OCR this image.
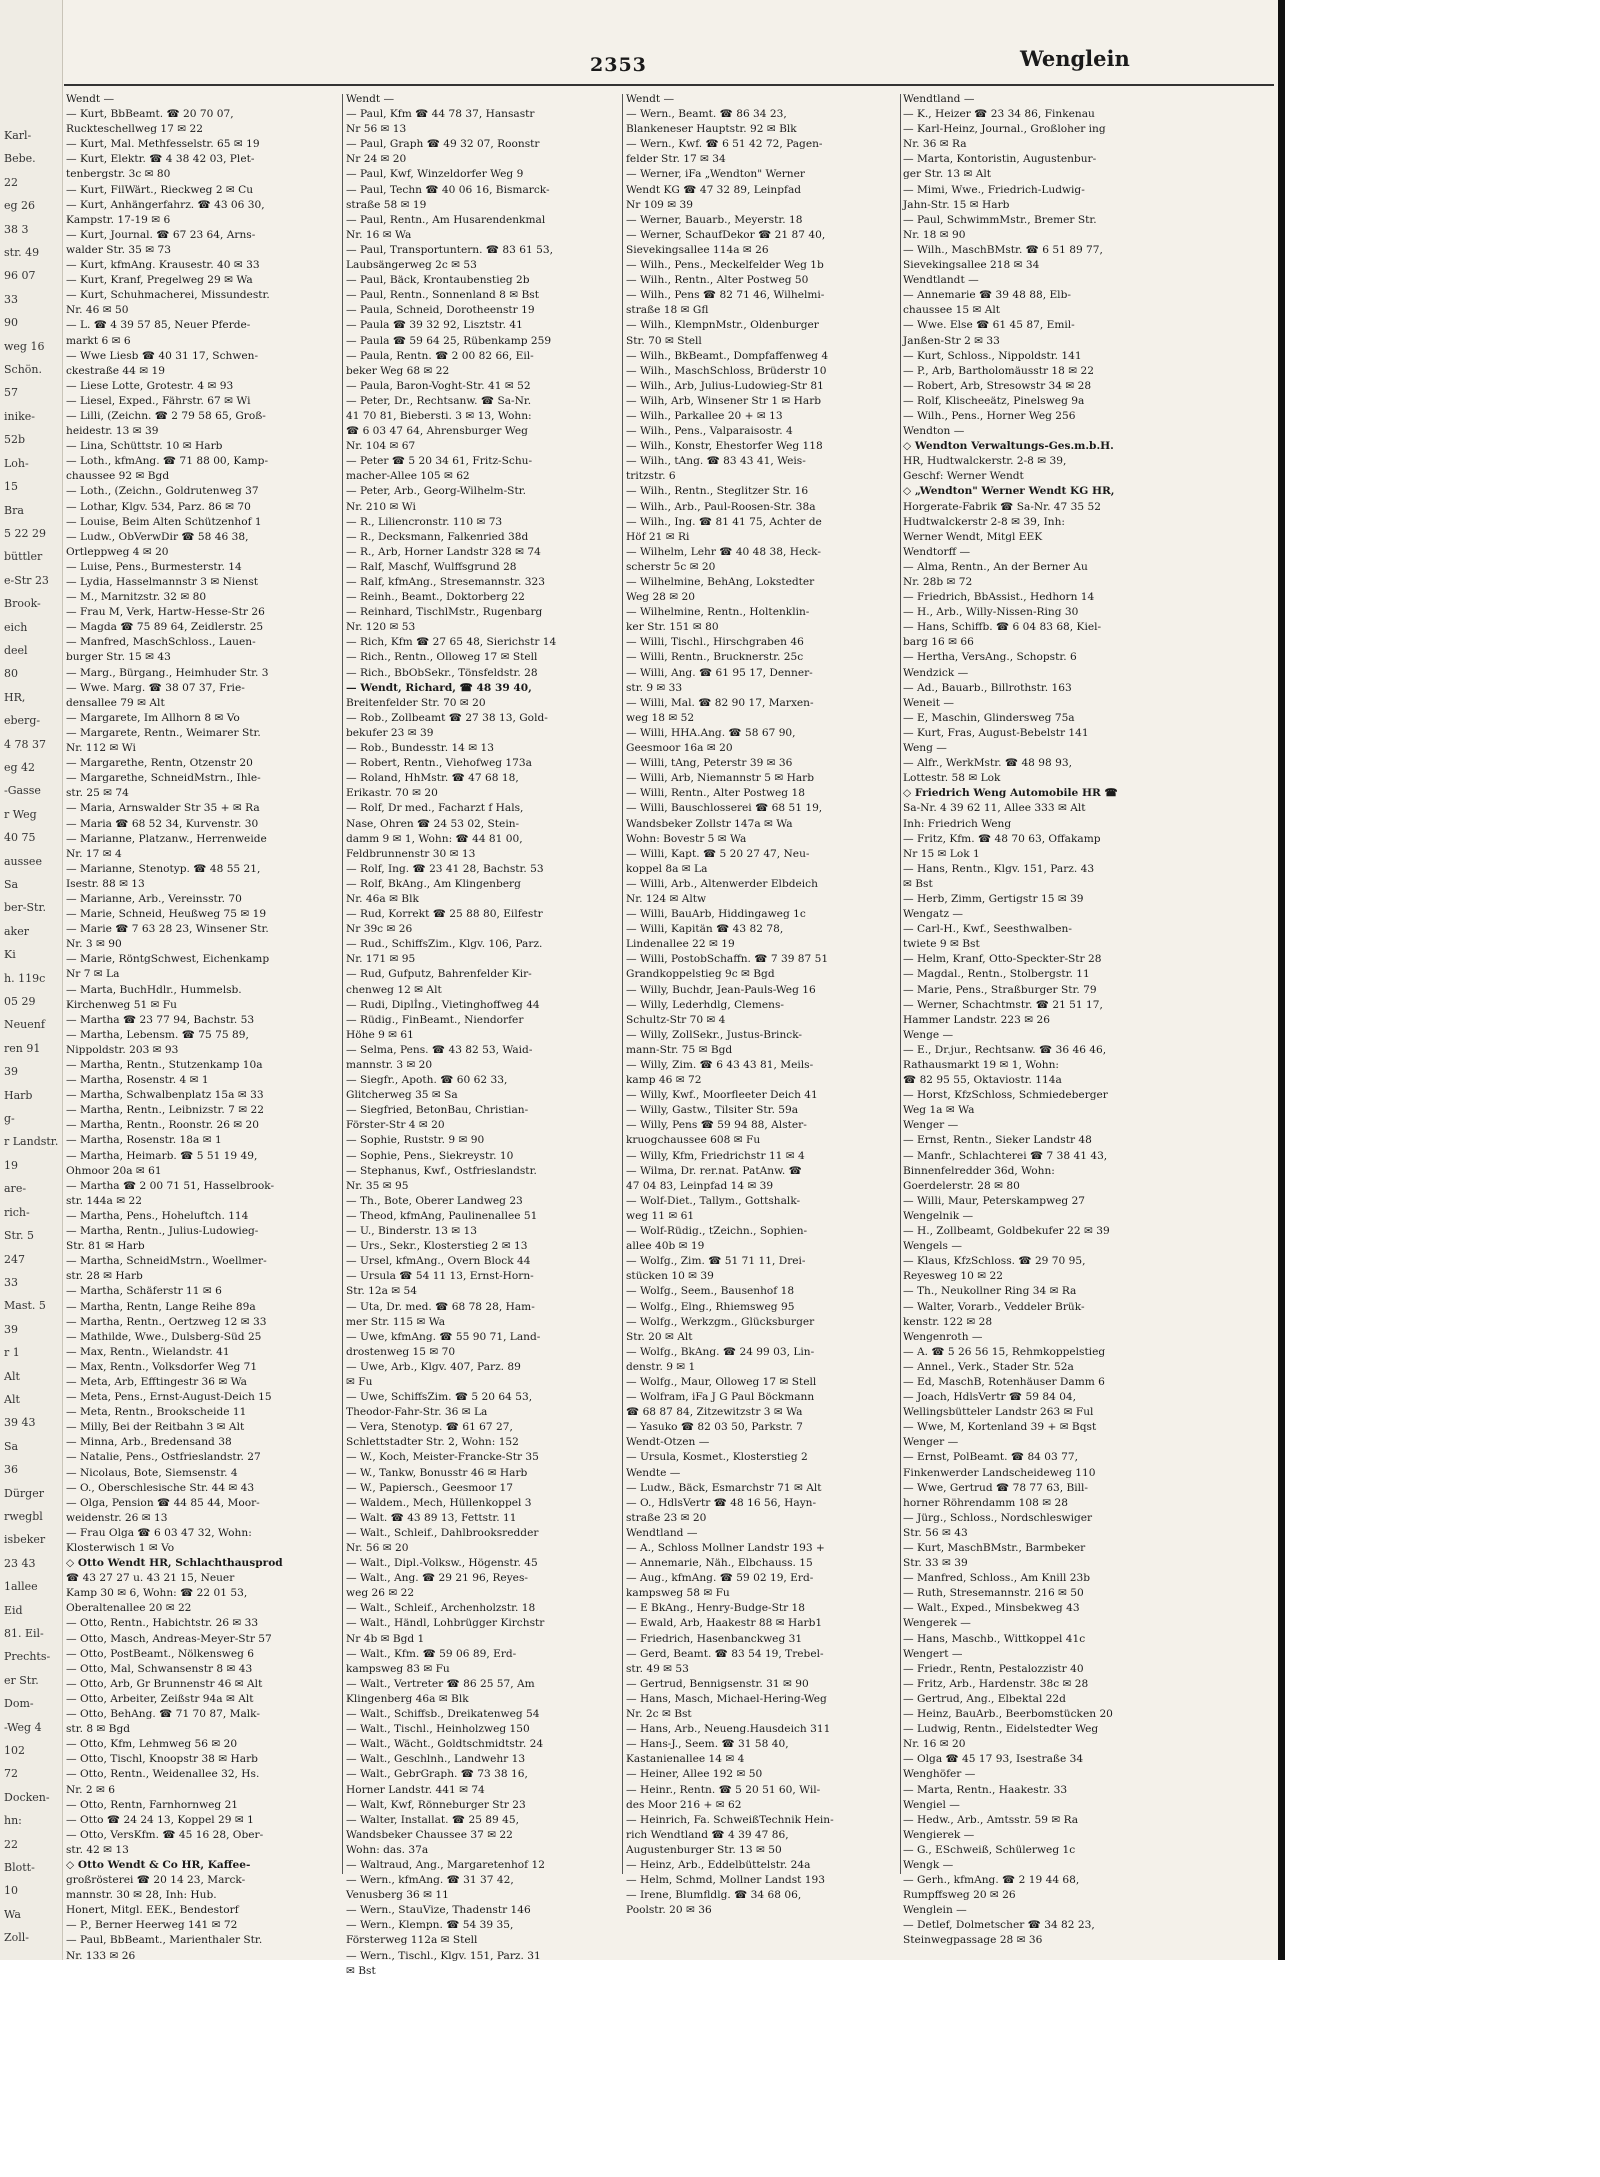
Karl-
Bebe.
22
eg 26
38 3
str. 49
96 07
33
90
weg 16
Schön.
57
inike-
52b
Loh-
15
Bra
5 22 29
büttler
e-Str 23
Brook-
eich
deel
80
HR,
eberg-
4 78 37
eg 42
-Gasse
r Weg
40 75
aussee
Sa
ber-Str.
aker
Ki
h. 119c
05 29
Neuenf
ren 91
39
Harb
g-
r Landstr.
19
are-
rich-
Str. 5
247
33
Mast. 5
39
r 1
Alt
Alt
39 43
Sa
36
Dürger
rwegbl
isbeker
23 43
1allee
Eid
81. Eil-
Prechts-
er Str.
Dom-
-Weg 4
102
72
Docken-
hn:
22
Blott-
10
Wa
Zoll-
2353	Wenglein
Wendt —
— Kurt, BbBeamt. ☎ 20 70 07,
Ruckteschellweg 17 ✉ 22
— Kurt, Mal. Methfesselstr. 65 ✉ 19
— Kurt, Elektr. ☎ 4 38 42 03, Plet-
tenbergstr. 3c ✉ 80
— Kurt, FilWärt., Rieckweg 2 ✉ Cu
— Kurt, Anhängerfahrz. ☎ 43 06 30,
Kampstr. 17-19 ✉ 6
— Kurt, Journal. ☎ 67 23 64, Arns-
walder Str. 35 ✉ 73
— Kurt, kfmAng. Krausestr. 40 ✉ 33
— Kurt, Kranf, Pregelweg 29 ✉ Wa
— Kurt, Schuhmacherei, Missundestr.
Nr. 46 ✉ 50
— L. ☎ 4 39 57 85, Neuer Pferde-
markt 6 ✉ 6
— Wwe Liesb ☎ 40 31 17, Schwen-
ckestraße 44 ✉ 19
— Liese Lotte, Grotestr. 4 ✉ 93
— Liesel, Exped., Fährstr. 67 ✉ Wi
— Lilli, (Zeichn. ☎ 2 79 58 65, Groß-
heidestr. 13 ✉ 39
— Lina, Schüttstr. 10 ✉ Harb
— Loth., kfmAng. ☎ 71 88 00, Kamp-
chaussee 92 ✉ Bgd
— Loth., (Zeichn., Goldrutenweg 37
— Lothar, Klgv. 534, Parz. 86 ✉ 70
— Louise, Beim Alten Schützenhof 1
— Ludw., ObVerwDir ☎ 58 46 38,
Ortleppweg 4 ✉ 20
— Luise, Pens., Burmesterstr. 14
— Lydia, Hasselmannstr 3 ✉ Nienst
— M., Marnitzstr. 32 ✉ 80
— Frau M, Verk, Hartw-Hesse-Str 26
— Magda ☎ 75 89 64, Zeidlerstr. 25
— Manfred, MaschSchloss., Lauen-
burger Str. 15 ✉ 43
— Marg., Bürgang., Heimhuder Str. 3
— Wwe. Marg. ☎ 38 07 37, Frie-
densallee 79 ✉ Alt
— Margarete, Im Allhorn 8 ✉ Vo
— Margarete, Rentn., Weimarer Str.
Nr. 112 ✉ Wi
— Margarethe, Rentn, Otzenstr 20
— Margarethe, SchneidMstrn., Ihle-
str. 25 ✉ 74
— Maria, Arnswalder Str 35 + ✉ Ra
— Maria ☎ 68 52 34, Kurvenstr. 30
— Marianne, Platzanw., Herrenweide
Nr. 17 ✉ 4
— Marianne, Stenotyp. ☎ 48 55 21,
Isestr. 88 ✉ 13
— Marianne, Arb., Vereinsstr. 70
— Marie, Schneid, Heußweg 75 ✉ 19
— Marie ☎ 7 63 28 23, Winsener Str.
Nr. 3 ✉ 90
— Marie, RöntgSchwest, Eichenkamp
Nr 7 ✉ La
— Marta, BuchHdlr., Hummelsb.
Kirchenweg 51 ✉ Fu
— Martha ☎ 23 77 94, Bachstr. 53
— Martha, Lebensm. ☎ 75 75 89,
Nippoldstr. 203 ✉ 93
— Martha, Rentn., Stutzenkamp 10a
— Martha, Rosenstr. 4 ✉ 1
— Martha, Schwalbenplatz 15a ✉ 33
— Martha, Rentn., Leibnizstr. 7 ✉ 22
— Martha, Rentn., Roonstr. 26 ✉ 20
— Martha, Rosenstr. 18a ✉ 1
— Martha, Heimarb. ☎ 5 51 19 49,
Ohmoor 20a ✉ 61
— Martha ☎ 2 00 71 51, Hasselbrook-
str. 144a ✉ 22
— Martha, Pens., Hoheluftch. 114
— Martha, Rentn., Julius-Ludowieg-
Str. 81 ✉ Harb
— Martha, SchneidMstrn., Woellmer-
str. 28 ✉ Harb
— Martha, Schäferstr 11 ✉ 6
— Martha, Rentn, Lange Reihe 89a
— Martha, Rentn., Oertzweg 12 ✉ 33
— Mathilde, Wwe., Dulsberg-Süd 25
— Max, Rentn., Wielandstr. 41
— Max, Rentn., Volksdorfer Weg 71
— Meta, Arb, Efftingestr 36 ✉ Wa
— Meta, Pens., Ernst-August-Deich 15
— Meta, Rentn., Brookscheide 11
— Milly, Bei der Reitbahn 3 ✉ Alt
— Minna, Arb., Bredensand 38
— Natalie, Pens., Ostfrieslandstr. 27
— Nicolaus, Bote, Siemsenstr. 4
— O., Oberschlesische Str. 44 ✉ 43
— Olga, Pension ☎ 44 85 44, Moor-
weidenstr. 26 ✉ 13
— Frau Olga ☎ 6 03 47 32, Wohn:
Klosterwisch 1 ✉ Vo
◇ Otto Wendt HR, Schlachthausprod
☎ 43 27 27 u. 43 21 15, Neuer
Kamp 30 ✉ 6, Wohn: ☎ 22 01 53,
Oberaltenallee 20 ✉ 22
— Otto, Rentn., Habichtstr. 26 ✉ 33
— Otto, Masch, Andreas-Meyer-Str 57
— Otto, PostBeamt., Nölkensweg 6
— Otto, Mal, Schwansenstr 8 ✉ 43
— Otto, Arb, Gr Brunnenstr 46 ✉ Alt
— Otto, Arbeiter, Zeißstr 94a ✉ Alt
— Otto, BehAng. ☎ 71 70 87, Malk-
str. 8 ✉ Bgd
— Otto, Kfm, Lehmweg 56 ✉ 20
— Otto, Tischl, Knoopstr 38 ✉ Harb
— Otto, Rentn., Weidenallee 32, Hs.
Nr. 2 ✉ 6
— Otto, Rentn, Farnhornweg 21
— Otto ☎ 24 24 13, Koppel 29 ✉ 1
— Otto, VersKfm. ☎ 45 16 28, Ober-
str. 42 ✉ 13
◇ Otto Wendt & Co HR, Kaffee-
großrösterei ☎ 20 14 23, Marck-
mannstr. 30 ✉ 28, Inh: Hub.
Honert, Mitgl. EEK., Bendestorf
— P., Berner Heerweg 141 ✉ 72
— Paul, BbBeamt., Marienthaler Str.
Nr. 133 ✉ 26
Wendt —
— Paul, Kfm ☎ 44 78 37, Hansastr
Nr 56 ✉ 13
— Paul, Graph ☎ 49 32 07, Roonstr
Nr 24 ✉ 20
— Paul, Kwf, Winzeldorfer Weg 9
— Paul, Techn ☎ 40 06 16, Bismarck-
straße 58 ✉ 19
— Paul, Rentn., Am Husarendenkmal
Nr. 16 ✉ Wa
— Paul, Transportuntern. ☎ 83 61 53,
Laubsängerweg 2c ✉ 53
— Paul, Bäck, Krontaubenstieg 2b
— Paul, Rentn., Sonnenland 8 ✉ Bst
— Paula, Schneid, Dorotheenstr 19
— Paula ☎ 39 32 92, Lisztstr. 41
— Paula ☎ 59 64 25, Rübenkamp 259
— Paula, Rentn. ☎ 2 00 82 66, Eil-
beker Weg 68 ✉ 22
— Paula, Baron-Voght-Str. 41 ✉ 52
— Peter, Dr., Rechtsanw. ☎ Sa-Nr.
41 70 81, Biebersti. 3 ✉ 13, Wohn:
☎ 6 03 47 64, Ahrensburger Weg
Nr. 104 ✉ 67
— Peter ☎ 5 20 34 61, Fritz-Schu-
macher-Allee 105 ✉ 62
— Peter, Arb., Georg-Wilhelm-Str.
Nr. 210 ✉ Wi
— R., Liliencronstr. 110 ✉ 73
— R., Decksmann, Falkenried 38d
— R., Arb, Horner Landstr 328 ✉ 74
— Ralf, Maschf, Wulffsgrund 28
— Ralf, kfmAng., Stresemannstr. 323
— Reinh., Beamt., Doktorberg 22
— Reinhard, TischlMstr., Rugenbarg
Nr. 120 ✉ 53
— Rich, Kfm ☎ 27 65 48, Sierichstr 14
— Rich., Rentn., Olloweg 17 ✉ Stell
— Rich., BbObSekr., Tönsfeldstr. 28
— Wendt, Richard, ☎ 48 39 40,
Breitenfelder Str. 70 ✉ 20
— Rob., Zollbeamt ☎ 27 38 13, Gold-
bekufer 23 ✉ 39
— Rob., Bundesstr. 14 ✉ 13
— Robert, Rentn., Viehofweg 173a
— Roland, HhMstr. ☎ 47 68 18,
Erikastr. 70 ✉ 20
— Rolf, Dr med., Facharzt f Hals,
Nase, Ohren ☎ 24 53 02, Stein-
damm 9 ✉ 1, Wohn: ☎ 44 81 00,
Feldbrunnenstr 30 ✉ 13
— Rolf, Ing. ☎ 23 41 28, Bachstr. 53
— Rolf, BkAng., Am Klingenberg
Nr. 46a ✉ Blk
— Rud, Korrekt ☎ 25 88 80, Eilfestr
Nr 39c ✉ 26
— Rud., SchiffsZim., Klgv. 106, Parz.
Nr. 171 ✉ 95
— Rud, Gufputz, Bahrenfelder Kir-
chenweg 12 ✉ Alt
— Rudi, Diplİng., Vietinghoffweg 44
— Rüdig., FinBeamt., Niendorfer
Höhe 9 ✉ 61
— Selma, Pens. ☎ 43 82 53, Waid-
mannstr. 3 ✉ 20
— Siegfr., Apoth. ☎ 60 62 33,
Glitcherweg 35 ✉ Sa
— Siegfried, BetonBau, Christian-
Förster-Str 4 ✉ 20
— Sophie, Ruststr. 9 ✉ 90
— Sophie, Pens., Siekreystr. 10
— Stephanus, Kwf., Ostfrieslandstr.
Nr. 35 ✉ 95
— Th., Bote, Oberer Landweg 23
— Theod, kfmAng, Paulinenallee 51
— U., Binderstr. 13 ✉ 13
— Urs., Sekr., Klosterstieg 2 ✉ 13
— Ursel, kfmAng., Overn Block 44
— Ursula ☎ 54 11 13, Ernst-Horn-
Str. 12a ✉ 54
— Uta, Dr. med. ☎ 68 78 28, Ham-
mer Str. 115 ✉ Wa
— Uwe, kfmAng. ☎ 55 90 71, Land-
drostenweg 15 ✉ 70
— Uwe, Arb., Klgv. 407, Parz. 89
✉ Fu
— Uwe, SchiffsZim. ☎ 5 20 64 53,
Theodor-Fahr-Str. 36 ✉ La
— Vera, Stenotyp. ☎ 61 67 27,
Schlettstadter Str. 2, Wohn: 152
— W., Koch, Meister-Francke-Str 35
— W., Tankw, Bonusstr 46 ✉ Harb
— W., Papiersch., Geesmoor 17
— Waldem., Mech, Hüllenkoppel 3
— Walt. ☎ 43 89 13, Fettstr. 11
— Walt., Schleif., Dahlbrooksredder
Nr. 56 ✉ 20
— Walt., Dipl.-Volksw., Högenstr. 45
— Walt., Ang. ☎ 29 21 96, Reyes-
weg 26 ✉ 22
— Walt., Schleif., Archenholzstr. 18
— Walt., Händl, Lohbrügger Kirchstr
Nr 4b ✉ Bgd 1
— Walt., Kfm. ☎ 59 06 89, Erd-
kampsweg 83 ✉ Fu
— Walt., Vertreter ☎ 86 25 57, Am
Klingenberg 46a ✉ Blk
— Walt., Schiffsb., Dreikatenweg 54
— Walt., Tischl., Heinholzweg 150
— Walt., Wächt., Goldtschmidtstr. 24
— Walt., Geschlnh., Landwehr 13
— Walt., GebrGraph. ☎ 73 38 16,
Horner Landstr. 441 ✉ 74
— Walt, Kwf, Rönneburger Str 23
— Walter, Installat. ☎ 25 89 45,
Wandsbeker Chaussee 37 ✉ 22
Wohn: das. 37a
— Waltraud, Ang., Margaretenhof 12
— Wern., kfmAng. ☎ 31 37 42,
Venusberg 36 ✉ 11
— Wern., StauVize, Thadenstr 146
— Wern., Klempn. ☎ 54 39 35,
Försterweg 112a ✉ Stell
— Wern., Tischl., Klgv. 151, Parz. 31
✉ Bst
Wendt —
— Wern., Beamt. ☎ 86 34 23,
Blankeneser Hauptstr. 92 ✉ Blk
— Wern., Kwf. ☎ 6 51 42 72, Pagen-
felder Str. 17 ✉ 34
— Werner, iFa „Wendton" Werner
Wendt KG ☎ 47 32 89, Leinpfad
Nr 109 ✉ 39
— Werner, Bauarb., Meyerstr. 18
— Werner, SchaufDekor ☎ 21 87 40,
Sievekingsallee 114a ✉ 26
— Wilh., Pens., Meckelfelder Weg 1b
— Wilh., Rentn., Alter Postweg 50
— Wilh., Pens ☎ 82 71 46, Wilhelmi-
straße 18 ✉ Gfl
— Wilh., KlempnMstr., Oldenburger
Str. 70 ✉ Stell
— Wilh., BkBeamt., Dompfaffenweg 4
— Wilh., MaschSchloss, Brüderstr 10
— Wilh., Arb, Julius-Ludowieg-Str 81
— Wilh, Arb, Winsener Str 1 ✉ Harb
— Wilh., Parkallee 20 + ✉ 13
— Wilh., Pens., Valparaisostr. 4
— Wilh., Konstr, Ehestorfer Weg 118
— Wilh., tAng. ☎ 83 43 41, Weis-
tritzstr. 6
— Wilh., Rentn., Steglitzer Str. 16
— Wilh., Arb., Paul-Roosen-Str. 38a
— Wilh., Ing. ☎ 81 41 75, Achter de
Höf 21 ✉ Ri
— Wilhelm, Lehr ☎ 40 48 38, Heck-
scherstr 5c ✉ 20
— Wilhelmine, BehAng, Lokstedter
Weg 28 ✉ 20
— Wilhelmine, Rentn., Holtenklin-
ker Str. 151 ✉ 80
— Willi, Tischl., Hirschgraben 46
— Willi, Rentn., Brucknerstr. 25c
— Willi, Ang. ☎ 61 95 17, Denner-
str. 9 ✉ 33
— Willi, Mal. ☎ 82 90 17, Marxen-
weg 18 ✉ 52
— Willi, HHA.Ang. ☎ 58 67 90,
Geesmoor 16a ✉ 20
— Willi, tAng, Peterstr 39 ✉ 36
— Willi, Arb, Niemannstr 5 ✉ Harb
— Willi, Rentn., Alter Postweg 18
— Willi, Bauschlosserei ☎ 68 51 19,
Wandsbeker Zollstr 147a ✉ Wa
Wohn: Bovestr 5 ✉ Wa
— Willi, Kapt. ☎ 5 20 27 47, Neu-
koppel 8a ✉ La
— Willi, Arb., Altenwerder Elbdeich
Nr. 124 ✉ Altw
— Willi, BauArb, Hiddingaweg 1c
— Willi, Kapitän ☎ 43 82 78,
Lindenallee 22 ✉ 19
— Willi, PostobSchaffn. ☎ 7 39 87 51
Grandkoppelstieg 9c ✉ Bgd
— Willy, Buchdr, Jean-Pauls-Weg 16
— Willy, Lederhdlg, Clemens-
Schultz-Str 70 ✉ 4
— Willy, ZollSekr., Justus-Brinck-
mann-Str. 75 ✉ Bgd
— Willy, Zim. ☎ 6 43 43 81, Meils-
kamp 46 ✉ 72
— Willy, Kwf., Moorfleeter Deich 41
— Willy, Gastw., Tilsiter Str. 59a
— Willy, Pens ☎ 59 94 88, Alster-
kruogchaussee 608 ✉ Fu
— Willy, Kfm, Friedrichstr 11 ✉ 4
— Wilma, Dr. rer.nat. PatAnw. ☎
47 04 83, Leinpfad 14 ✉ 39
— Wolf-Diet., Tallym., Gottshalk-
weg 11 ✉ 61
— Wolf-Rüdig., tZeichn., Sophien-
allee 40b ✉ 19
— Wolfg., Zim. ☎ 51 71 11, Drei-
stücken 10 ✉ 39
— Wolfg., Seem., Bausenhof 18
— Wolfg., Elng., Rhiemsweg 95
— Wolfg., Werkzgm., Glücksburger
Str. 20 ✉ Alt
— Wolfg., BkAng. ☎ 24 99 03, Lin-
denstr. 9 ✉ 1
— Wolfg., Maur, Olloweg 17 ✉ Stell
— Wolfram, iFa J G Paul Böckmann
☎ 68 87 84, Zitzewitzstr 3 ✉ Wa
— Yasuko ☎ 82 03 50, Parkstr. 7
Wendt-Otzen —
— Ursula, Kosmet., Klosterstieg 2
Wendte —
— Ludw., Bäck, Esmarchstr 71 ✉ Alt
— O., HdlsVertr ☎ 48 16 56, Hayn-
straße 23 ✉ 20
Wendtland —
— A., Schloss Mollner Landstr 193 +
— Annemarie, Näh., Elbchauss. 15
— Aug., kfmAng. ☎ 59 02 19, Erd-
kampsweg 58 ✉ Fu
— E BkAng., Henry-Budge-Str 18
— Ewald, Arb, Haakestr 88 ✉ Harb1
— Friedrich, Hasenbanckweg 31
— Gerd, Beamt. ☎ 83 54 19, Trebel-
str. 49 ✉ 53
— Gertrud, Bennigsenstr. 31 ✉ 90
— Hans, Masch, Michael-Hering-Weg
Nr. 2c ✉ Bst
— Hans, Arb., Neueng.Hausdeich 311
— Hans-J., Seem. ☎ 31 58 40,
Kastanienallee 14 ✉ 4
— Heiner, Allee 192 ✉ 50
— Heinr., Rentn. ☎ 5 20 51 60, Wil-
des Moor 216 + ✉ 62
— Heinrich, Fa. SchweißTechnik Hein-
rich Wendtland ☎ 4 39 47 86,
Augustenburger Str. 13 ✉ 50
— Heinz, Arb., Eddelbüttelstr. 24a
— Helm, Schmd, Mollner Landst 193
— Irene, Blumfldlg. ☎ 34 68 06,
Poolstr. 20 ✉ 36
Wendtland —
— K., Heizer ☎ 23 34 86, Finkenau
— Karl-Heinz, Journal., Großloher ing
Nr. 36 ✉ Ra
— Marta, Kontoristin, Augustenbur-
ger Str. 13 ✉ Alt
— Mimi, Wwe., Friedrich-Ludwig-
Jahn-Str. 15 ✉ Harb
— Paul, SchwimmMstr., Bremer Str.
Nr. 18 ✉ 90
— Wilh., MaschBMstr. ☎ 6 51 89 77,
Sievekingsallee 218 ✉ 34
Wendtlandt —
— Annemarie ☎ 39 48 88, Elb-
chaussee 15 ✉ Alt
— Wwe. Else ☎ 61 45 87, Emil-
Janßen-Str 2 ✉ 33
— Kurt, Schloss., Nippoldstr. 141
— P., Arb, Bartholomäusstr 18 ✉ 22
— Robert, Arb, Stresowstr 34 ✉ 28
— Rolf, Klischeeätz, Pinelsweg 9a
— Wilh., Pens., Horner Weg 256
Wendton —
◇ Wendton Verwaltungs-Ges.m.b.H.
HR, Hudtwalckerstr. 2-8 ✉ 39,
Geschf: Werner Wendt
◇ „Wendton" Werner Wendt KG HR,
Horgerate-Fabrik ☎ Sa-Nr. 47 35 52
Hudtwalckerstr 2-8 ✉ 39, Inh:
Werner Wendt, Mitgl EEK
Wendtorff —
— Alma, Rentn., An der Berner Au
Nr. 28b ✉ 72
— Friedrich, BbAssist., Hedhorn 14
— H., Arb., Willy-Nissen-Ring 30
— Hans, Schiffb. ☎ 6 04 83 68, Kiel-
barg 16 ✉ 66
— Hertha, VersAng., Schopstr. 6
Wendzick —
— Ad., Bauarb., Billrothstr. 163
Weneit —
— E, Maschin, Glindersweg 75a
— Kurt, Fras, August-Bebelstr 141
Weng —
— Alfr., WerkMstr. ☎ 48 98 93,
Lottestr. 58 ✉ Lok
◇ Friedrich Weng Automobile HR ☎
Sa-Nr. 4 39 62 11, Allee 333 ✉ Alt
Inh: Friedrich Weng
— Fritz, Kfm. ☎ 48 70 63, Offakamp
Nr 15 ✉ Lok 1
— Hans, Rentn., Klgv. 151, Parz. 43
✉ Bst
— Herb, Zimm, Gertigstr 15 ✉ 39
Wengatz —
— Carl-H., Kwf., Seesthwalben-
twiete 9 ✉ Bst
— Helm, Kranf, Otto-Speckter-Str 28
— Magdal., Rentn., Stolbergstr. 11
— Marie, Pens., Straßburger Str. 79
— Werner, Schachtmstr. ☎ 21 51 17,
Hammer Landstr. 223 ✉ 26
Wenge —
— E., Dr.jur., Rechtsanw. ☎ 36 46 46,
Rathausmarkt 19 ✉ 1, Wohn:
☎ 82 95 55, Oktaviostr. 114a
— Horst, KfzSchloss, Schmiedeberger
Weg 1a ✉ Wa
Wenger —
— Ernst, Rentn., Sieker Landstr 48
— Manfr., Schlachterei ☎ 7 38 41 43,
Binnenfelredder 36d, Wohn:
Goerdelerstr. 28 ✉ 80
— Willi, Maur, Peterskampweg 27
Wengelnik —
— H., Zollbeamt, Goldbekufer 22 ✉ 39
Wengels —
— Klaus, KfzSchloss. ☎ 29 70 95,
Reyesweg 10 ✉ 22
— Th., Neukollner Ring 34 ✉ Ra
— Walter, Vorarb., Veddeler Brük-
kenstr. 122 ✉ 28
Wengenroth —
— A. ☎ 5 26 56 15, Rehmkoppelstieg
— Annel., Verk., Stader Str. 52a
— Ed, MaschB, Rotenhäuser Damm 6
— Joach, HdlsVertr ☎ 59 84 04,
Wellingsbütteler Landstr 263 ✉ Ful
— Wwe, M, Kortenland 39 + ✉ Bqst
Wenger —
— Ernst, PolBeamt. ☎ 84 03 77,
Finkenwerder Landscheideweg 110
— Wwe, Gertrud ☎ 78 77 63, Bill-
horner Röhrendamm 108 ✉ 28
— Jürg., Schloss., Nordschleswiger
Str. 56 ✉ 43
— Kurt, MaschBMstr., Barmbeker
Str. 33 ✉ 39
— Manfred, Schloss., Am Knill 23b
— Ruth, Stresemannstr. 216 ✉ 50
— Walt., Exped., Minsbekweg 43
Wengerek —
— Hans, Maschb., Wittkoppel 41c
Wengert —
— Friedr., Rentn, Pestalozzistr 40
— Fritz, Arb., Hardenstr. 38c ✉ 28
— Gertrud, Ang., Elbektal 22d
— Heinz, BauArb., Beerbomstücken 20
— Ludwig, Rentn., Eidelstedter Weg
Nr. 16 ✉ 20
— Olga ☎ 45 17 93, Isestraße 34
Wenghöfer —
— Marta, Rentn., Haakestr. 33
Wengiel —
— Hedw., Arb., Amtsstr. 59 ✉ Ra
Wengierek —
— G., ESchweiß, Schülerweg 1c
Wengk —
— Gerh., kfmAng. ☎ 2 19 44 68,
Rumpffsweg 20 ✉ 26
Wenglein —
— Detlef, Dolmetscher ☎ 34 82 23,
Steinwegpassage 28 ✉ 36
